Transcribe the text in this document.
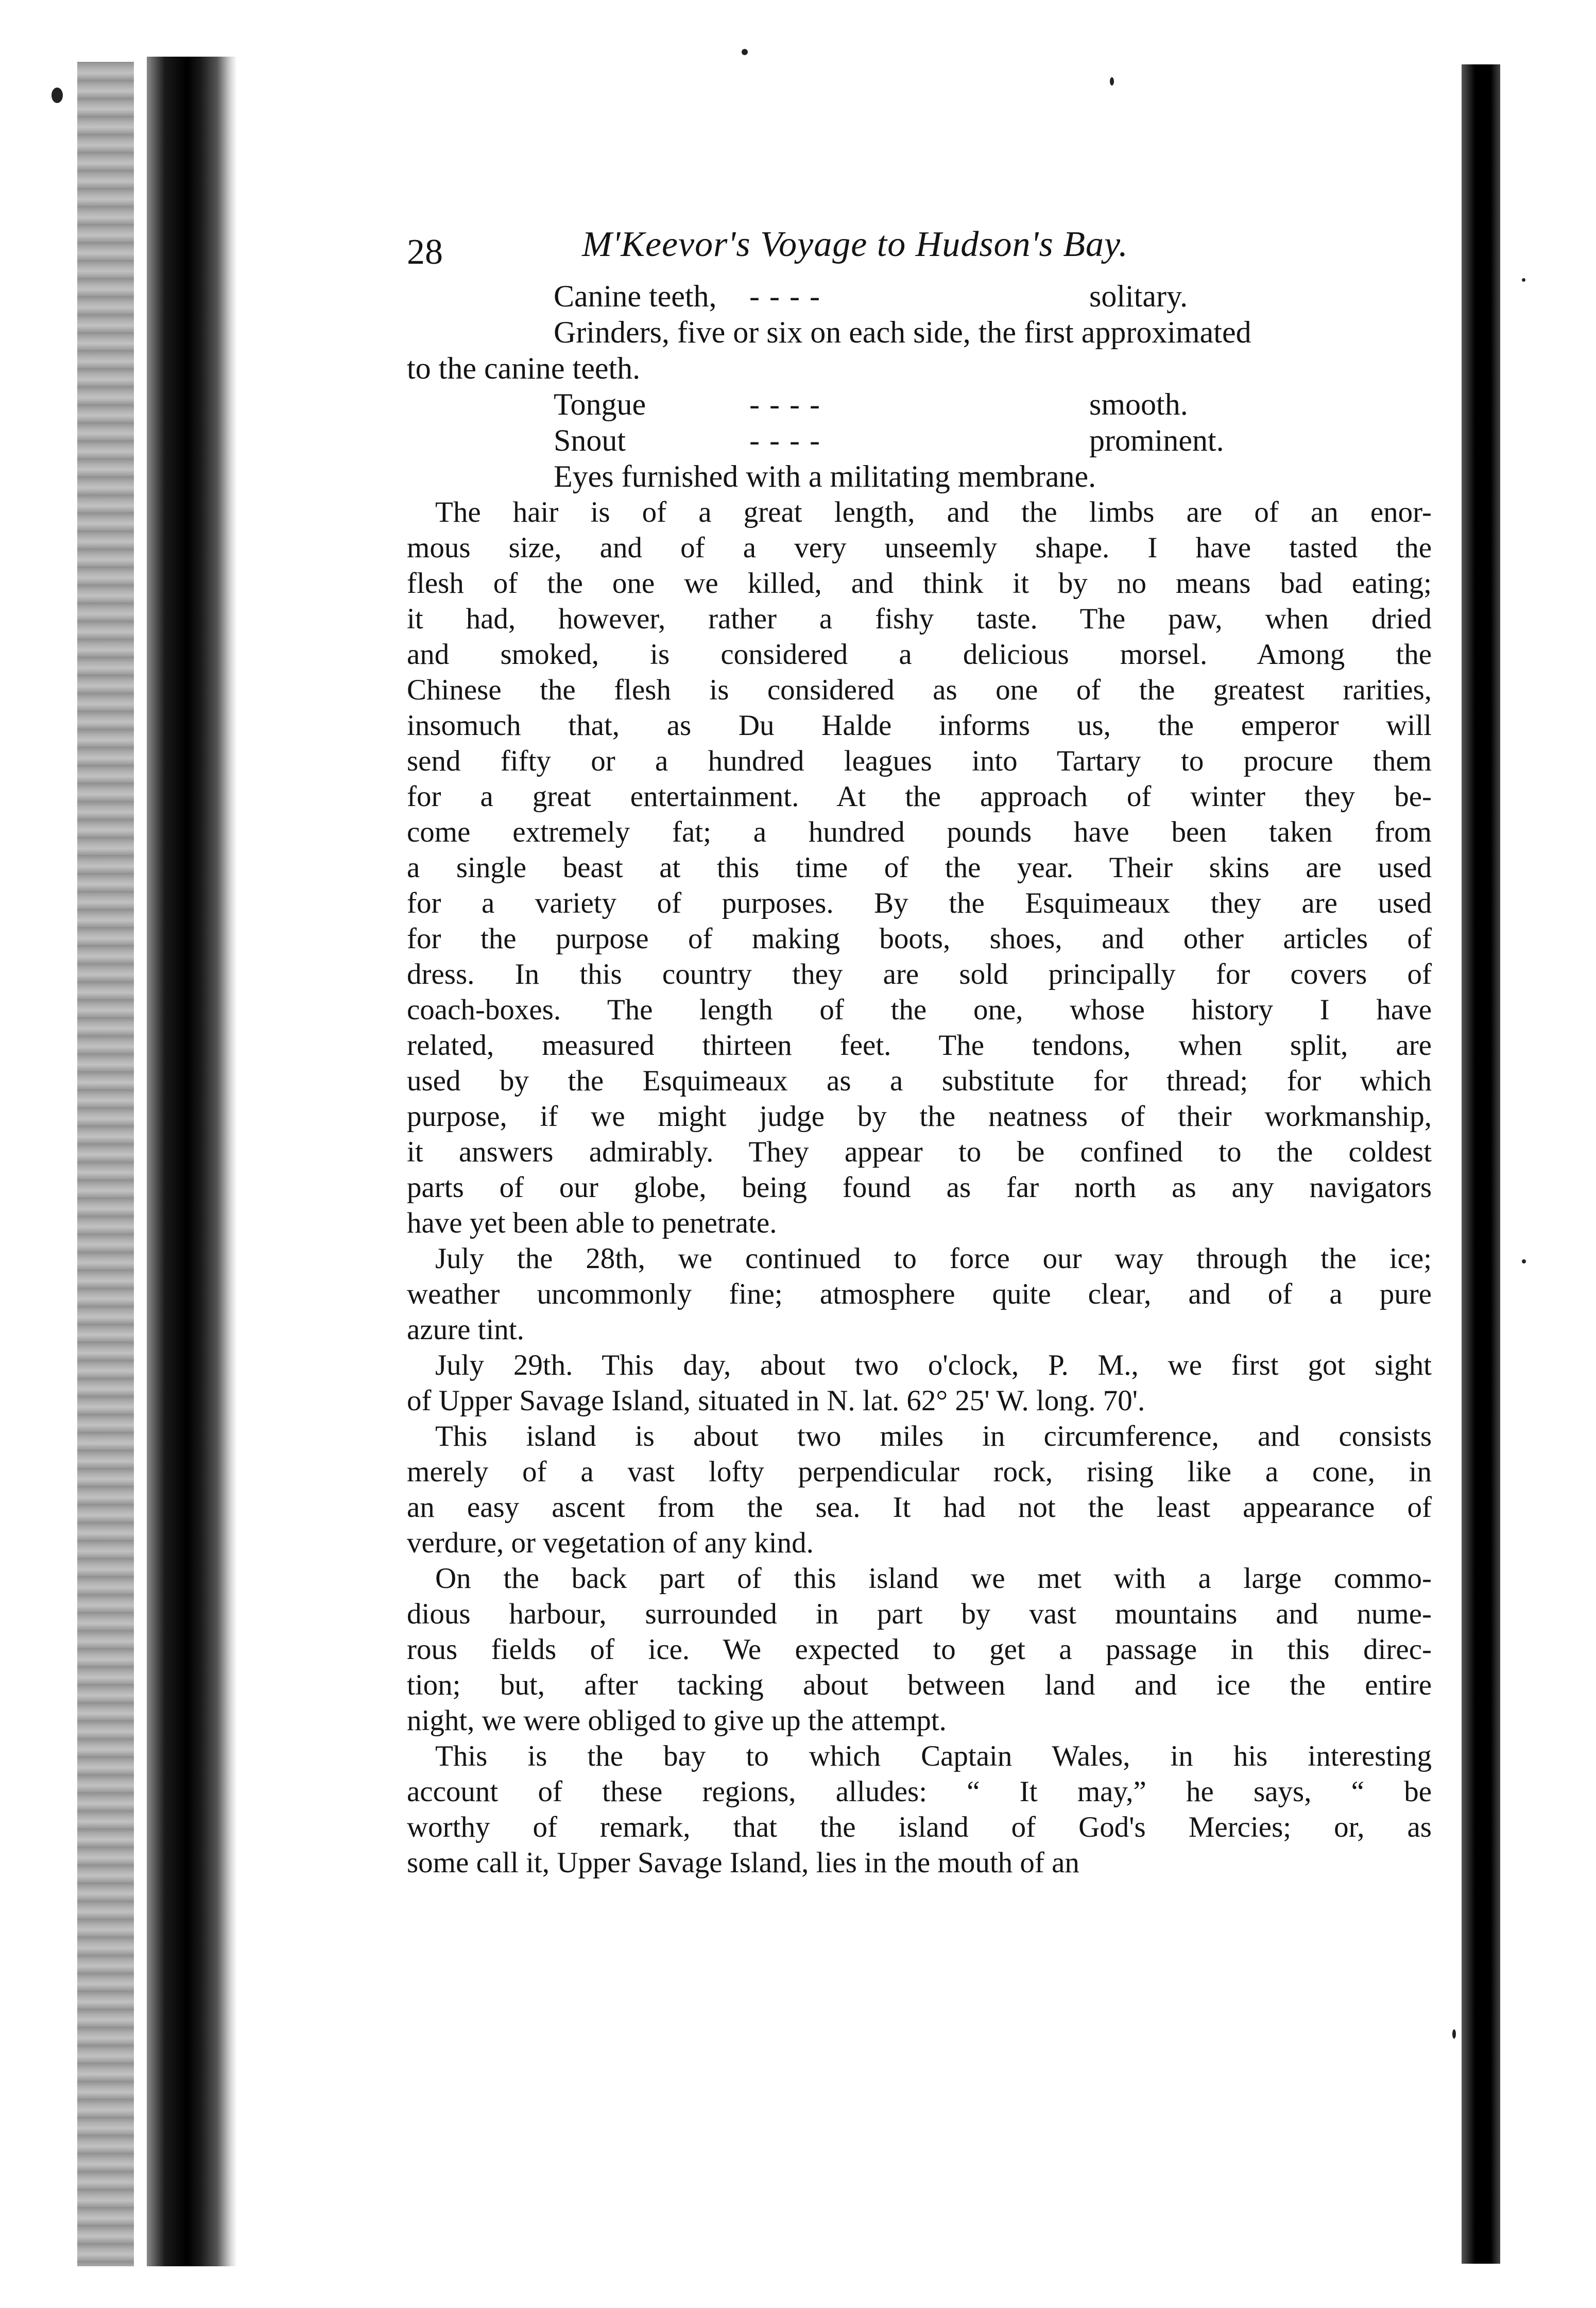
28	M'Keevor's Voyage to Hudson's Bay.
Canine teeth, - - - -	solitary.
Grinders, five or six on each side, the first approximated
to the canine teeth.
Tongue	- - - -	smooth.
Snout	- - - -	prominent.
Eyes furnished with a militating membrane.
The hair is of a great length, and the limbs are of an enor-
mous size, and of a very unseemly shape. I have tasted the
flesh of the one we killed, and think it by no means bad eating;
it had, however, rather a fishy taste. The paw, when dried
and smoked, is considered a delicious morsel. Among the
Chinese the flesh is considered as one of the greatest rarities,
insomuch that, as Du Halde informs us, the emperor will
send fifty or a hundred leagues into Tartary to procure them
for a great entertainment. At the approach of winter they be-
come extremely fat; a hundred pounds have been taken from
a single beast at this time of the year. Their skins are used
for a variety of purposes. By the Esquimeaux they are used
for the purpose of making boots, shoes, and other articles of
dress. In this country they are sold principally for covers of
coach-boxes. The length of the one, whose history I have
related, measured thirteen feet. The tendons, when split, are
used by the Esquimeaux as a substitute for thread; for which
purpose, if we might judge by the neatness of their workmanship,
it answers admirably. They appear to be confined to the coldest
parts of our globe, being found as far north as any navigators
have yet been able to penetrate.
July the 28th, we continued to force our way through the ice;
weather uncommonly fine; atmosphere quite clear, and of a pure
azure tint.
July 29th. This day, about two o'clock, P. M., we first got sight
of Upper Savage Island, situated in N. lat. 62° 25' W. long. 70'.
This island is about two miles in circumference, and consists
merely of a vast lofty perpendicular rock, rising like a cone, in
an easy ascent from the sea. It had not the least appearance of
verdure, or vegetation of any kind.
On the back part of this island we met with a large commo-
dious harbour, surrounded in part by vast mountains and nume-
rous fields of ice. We expected to get a passage in this direc-
tion; but, after tacking about between land and ice the entire
night, we were obliged to give up the attempt.
This is the bay to which Captain Wales, in his interesting
account of these regions, alludes: “ It may,” he says, “ be
worthy of remark, that the island of God's Mercies; or, as
some call it, Upper Savage Island, lies in the mouth of an
